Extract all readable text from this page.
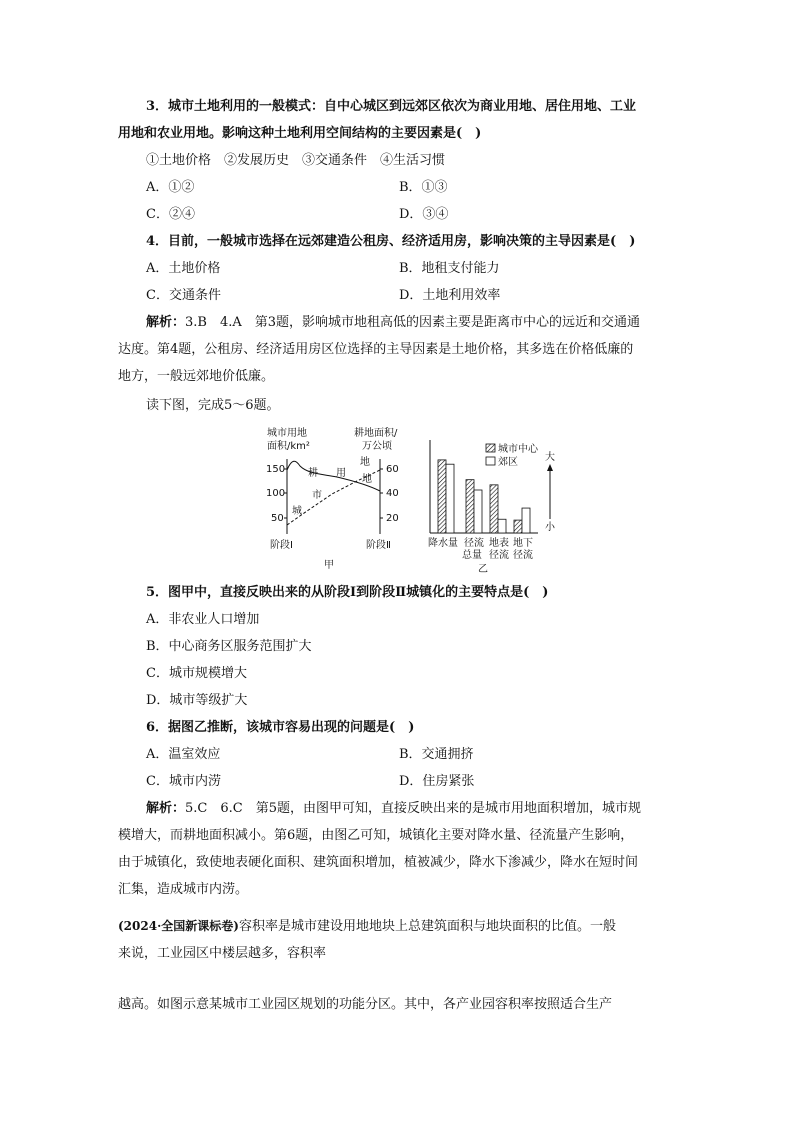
3．城市土地利用的一般模式：自中心城区到远郊区依次为商业用地、居住用地、工业
用地和农业用地。影响这种土地利用空间结构的主要因素是(　)
①土地价格　②发展历史　③交通条件　④生活习惯
A．①②	B．①③
C．②④	D．③④
4．目前，一般城市选择在远郊建造公租房、经济适用房，影响决策的主导因素是(　)
A．土地价格	B．地租支付能力
C．交通条件	D．土地利用效率
解析：3.B　4.A　第3题，影响城市地租高低的因素主要是距离市中心的远近和交通通
达度。第4题，公租房、经济适用房区位选择的主导因素是土地价格，其多选在价格低廉的
地方，一般远郊地价低廉。
读下图，完成5～6题。
城市用地
面积/km²
耕地面积/
万公顷
150
100
50
60
40
20
耕 用
地
地
市
城
阶段Ⅰ	阶段Ⅱ
甲
城市中心
郊区	大
小
降水量 径流
总量
地表
径流
地下
径流
乙
5．图甲中，直接反映出来的从阶段Ⅰ到阶段Ⅱ城镇化的主要特点是(　)
A．非农业人口增加
B．中心商务区服务范围扩大
C．城市规模增大
D．城市等级扩大
6．据图乙推断，该城市容易出现的问题是(　)
A．温室效应	B．交通拥挤
C．城市内涝	D．住房紧张
解析：5.C　6.C　第5题，由图甲可知，直接反映出来的是城市用地面积增加，城市规
模增大，而耕地面积减小。第6题，由图乙可知，城镇化主要对降水量、径流量产生影响，
由于城镇化，致使地表硬化面积、建筑面积增加，植被减少，降水下渗减少，降水在短时间
汇集，造成城市内涝。
(2024·全国新课标卷)容积率是城市建设用地地块上总建筑面积与地块面积的比值。一般
来说，工业园区中楼层越多，容积率
越高。如图示意某城市工业园区规划的功能分区。其中，各产业园容积率按照适合生产
